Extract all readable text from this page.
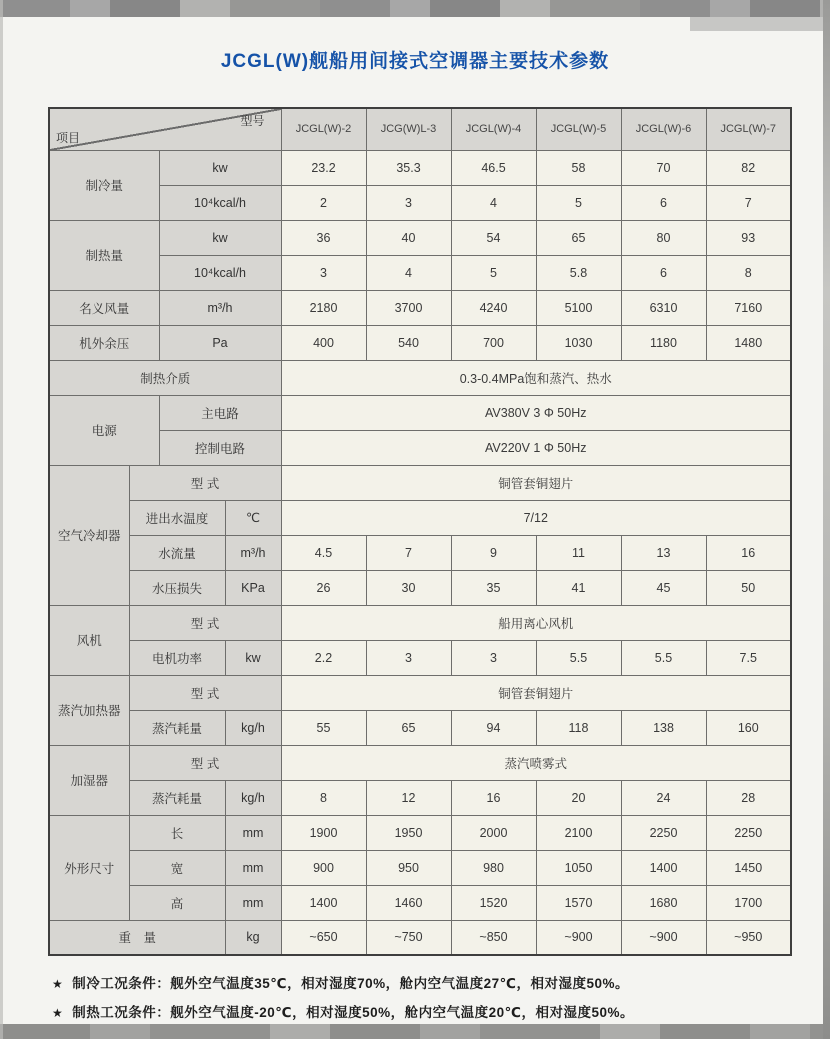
JCGL(W)舰船用间接式空调器主要技术参数
项目
型号				JCGL(W)-2	JCG(W)L-3	JCGL(W)-4	JCGL(W)-5	JCGL(W)-6	JCGL(W)-7
制冷量		kw		23.2	35.3	46.5	58	70	82
		10⁴kcal/h		2	3	4	5	6	7
制热量		kw		36	40	54	65	80	93
		10⁴kcal/h		3	4	5	5.8	6	8
名义风量		m³/h		2180	3700	4240	5100	6310	7160
机外余压		Pa		400	540	700	1030	1180	1480
制热介质				0.3-0.4MPa饱和蒸汽、热水					
电源		主电路		AV380V 3 Φ 50Hz					
		控制电路		AV220V 1 Φ 50Hz					
空气冷却器	型 式			铜管套铜翅片					
	进出水温度		℃	7/12					
	水流量		m³/h	4.5	7	9	11	13	16
	水压损失		KPa	26	30	35	41	45	50
风机	型 式			船用离心风机					
	电机功率		kw	2.2	3	3	5.5	5.5	7.5
蒸汽加热器	型 式			铜管套铜翅片					
	蒸汽耗量		kg/h	55	65	94	118	138	160
加湿器	型 式			蒸汽喷雾式					
	蒸汽耗量		kg/h	8	12	16	20	24	28
外形尺寸	长		mm	1900	1950	2000	2100	2250	2250
	宽		mm	900	950	980	1050	1400	1450
	高		mm	1400	1460	1520	1570	1680	1700
重　量			kg	~650	~750	~850	~900	~900	~950
★ 制冷工况条件：舰外空气温度35℃，相对湿度70%，舱内空气温度27℃，相对湿度50%。
★ 制热工况条件：舰外空气温度-20℃，相对湿度50%，舱内空气温度20℃，相对湿度50%。
